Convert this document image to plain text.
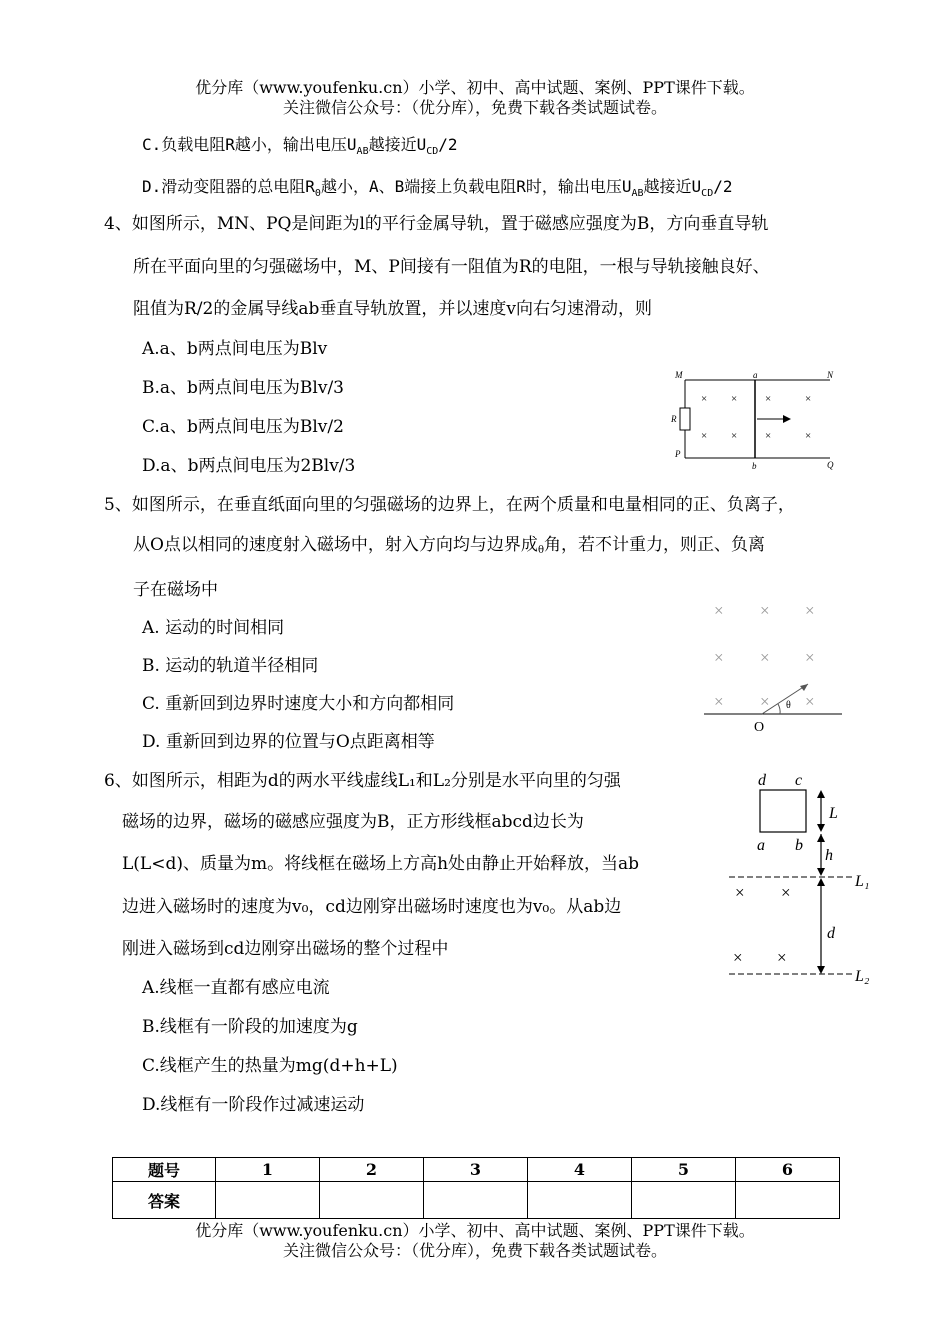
优分库（www.youfenku.cn）小学、初中、高中试题、案例、PPT课件下载。
关注微信公众号：（优分库），免费下载各类试题试卷。
C.负载电阻R越小，输出电压$U_{AB}$越接近$U_{CD}/2$
D.滑动变阻器的总电阻$R_0$越小，A、B端接上负载电阻R时，输出电压$U_{AB}$越接近$U_{CD}/2$
4、如图所示，MN、PQ是间距为l的平行金属导轨，置于磁感应强度为B，方向垂直导轨
所在平面向里的匀强磁场中，M、P间接有一阻值为R的电阻，一根与导轨接触良好、
阻值为R/2的金属导线ab垂直导轨放置，并以速度v向右匀速滑动，则
A.a、b两点间电压为Blv
B.a、b两点间电压为Blv/3
C.a、b两点间电压为Blv/2
D.a、b两点间电压为2Blv/3
× ×	×	×
× ×	×	×
M	N
P
Q
a
b
R
5、如图所示，在垂直纸面向里的匀强磁场的边界上，在两个质量和电量相同的正、负离子，
从O点以相同的速度射入磁场中，射入方向均与边界成θ角，若不计重力，则正、负离
子在磁场中
A. 运动的时间相同
B. 运动的轨道半径相同
C. 重新回到边界时速度大小和方向都相同
D. 重新回到边界的位置与O点距离相等
× × ×
× × ×
× × ×
θ
O
6、如图所示，相距为d的两水平线虚线L₁和L₂分别是水平向里的匀强
磁场的边界，磁场的磁感应强度为B，正方形线框abcd边长为
L(L<d)、质量为m。将线框在磁场上方高h处由静止开始释放，当ab
边进入磁场时的速度为v₀，cd边刚穿出磁场时速度也为v₀。从ab边
刚进入磁场到cd边刚穿出磁场的整个过程中
A.线框一直都有感应电流
B.线框有一阶段的加速度为g
C.线框产生的热量为mg(d+h+L)
D.线框有一阶段作过减速运动
d c
a b
L
h
d
L₁
L₂
× ×
× ×
题号	1	2	3	4	5	6
答案						
优分库（www.youfenku.cn）小学、初中、高中试题、案例、PPT课件下载。
关注微信公众号：（优分库），免费下载各类试题试卷。
